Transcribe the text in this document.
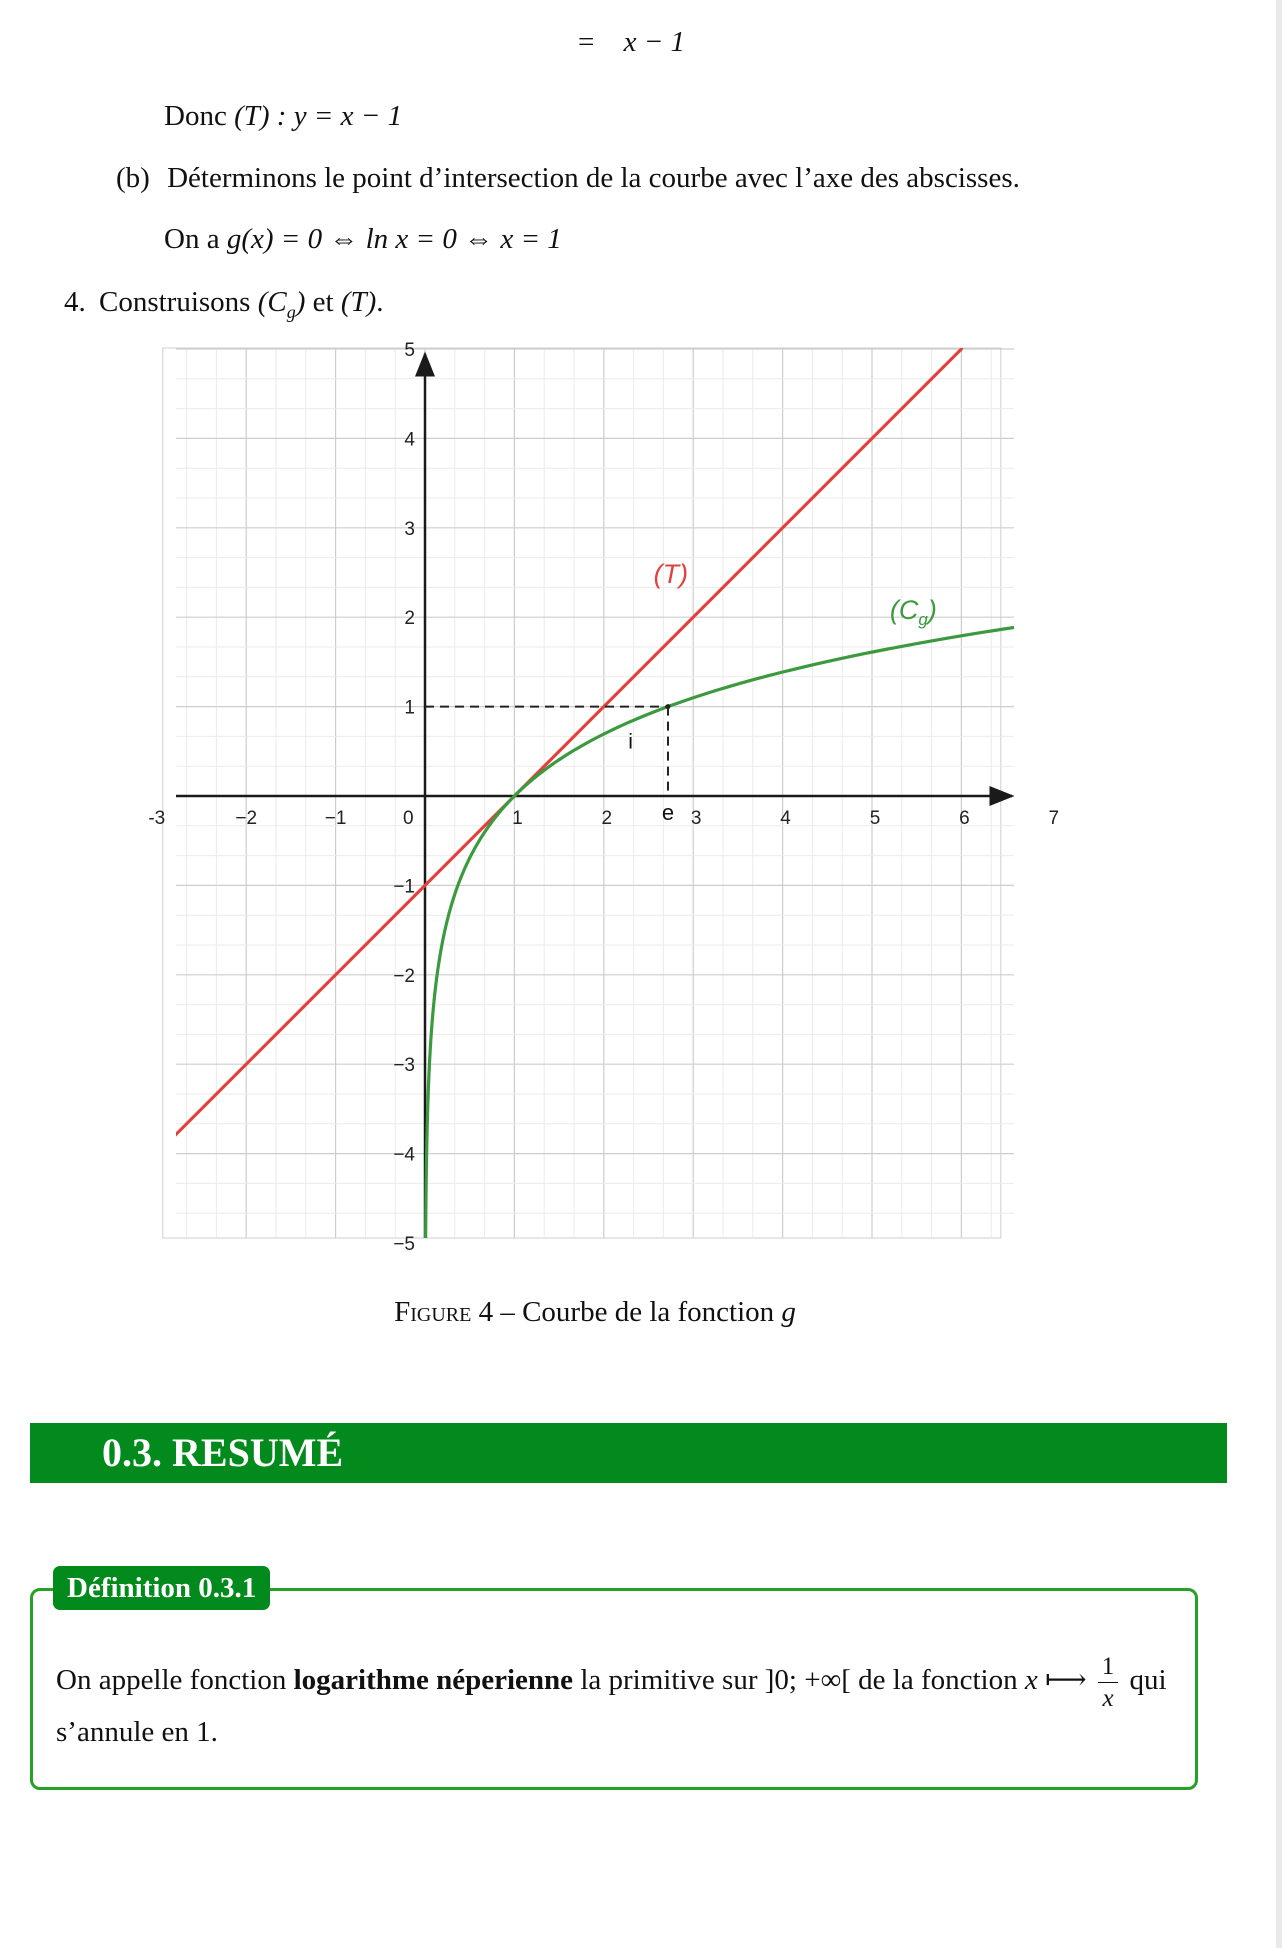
= x − 1
Donc (T) : y = x − 1
(b) Déterminons le point d’intersection de la courbe avec l’axe des abscisses.
On a g(x) = 0 ⇔ ln x = 0 ⇔ x = 1
4. Construisons $(C_g)$ et (T).
-3	−2	−1	0	1	2	3	4	5	6	7
−5
−4
−3
−2
−1
1
2
3
4
5
e
i
(T)
$(C_g)$
Figure 4 – Courbe de la fonction g
0.3. RESUMÉ
Définition 0.3.1
On appelle fonction logarithme néperienne la primitive sur ]0; +∞[ de la fonction x ⟼ $\frac{1}{x}$ qui
s’annule en 1.
